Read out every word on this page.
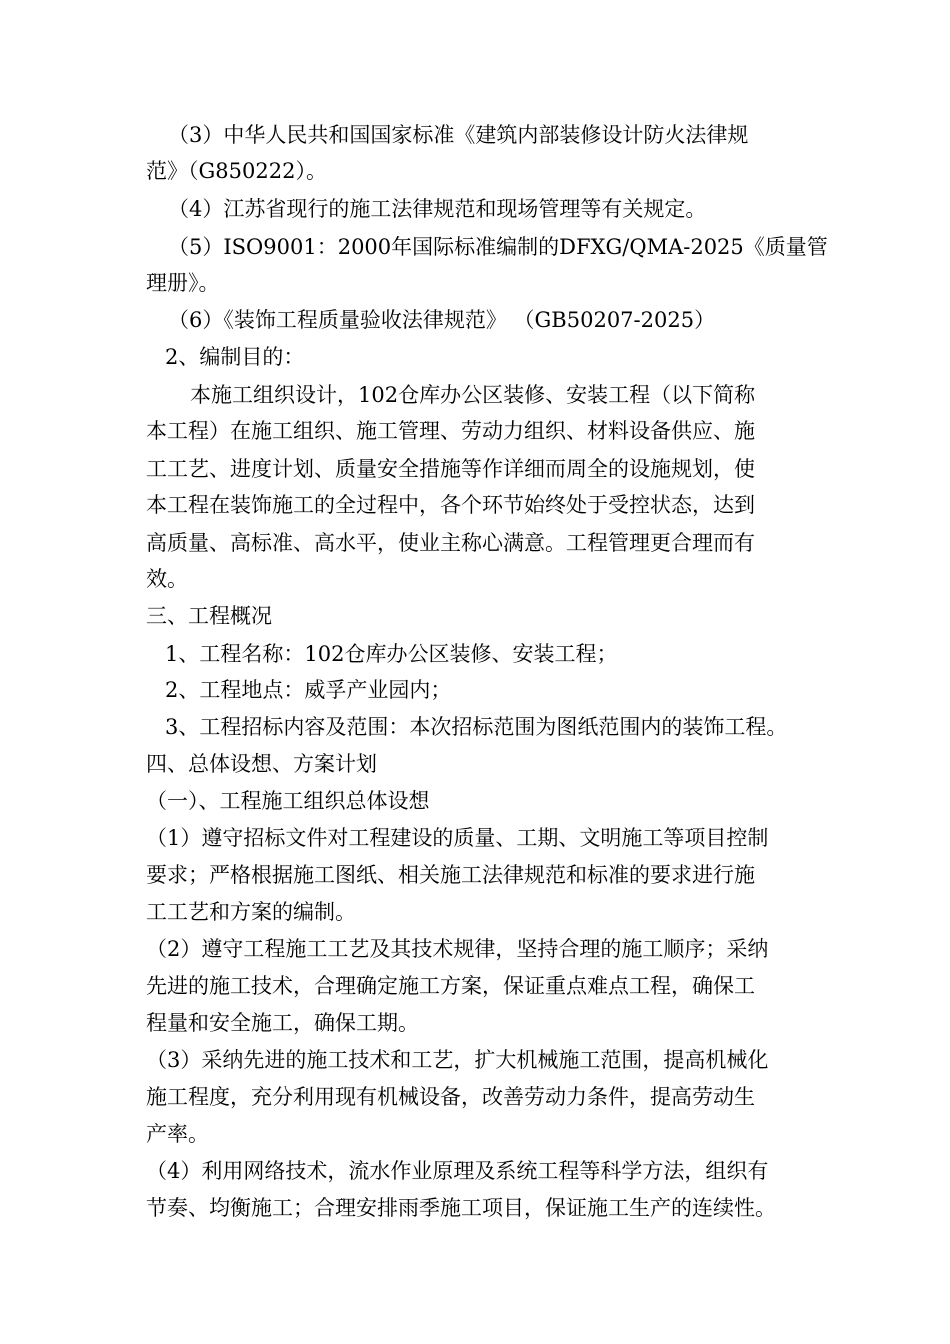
（3）中华人民共和国国家标准《建筑内部装修设计防火法律规
范》（G850222）。
（4）江苏省现行的施工法律规范和现场管理等有关规定。
（5）ISO9001：2000年国际标准编制的DFXG/QMA-2025《质量管
理册》。
（6）《装饰工程质量验收法律规范》 （GB50207-2025）
2、编制目的：
本施工组织设计，102仓库办公区装修、安装工程（以下简称
本工程）在施工组织、施工管理、劳动力组织、材料设备供应、施
工工艺、进度计划、质量安全措施等作详细而周全的设施规划，使
本工程在装饰施工的全过程中，各个环节始终处于受控状态，达到
高质量、高标准、高水平，使业主称心满意。工程管理更合理而有
效。
三、工程概况
1、工程名称：102仓库办公区装修、安装工程；
2、工程地点：威孚产业园内；
3、工程招标内容及范围：本次招标范围为图纸范围内的装饰工程。
四、总体设想、方案计划
（一）、工程施工组织总体设想
（1）遵守招标文件对工程建设的质量、工期、文明施工等项目控制
要求；严格根据施工图纸、相关施工法律规范和标准的要求进行施
工工艺和方案的编制。
（2）遵守工程施工工艺及其技术规律，坚持合理的施工顺序；采纳
先进的施工技术，合理确定施工方案，保证重点难点工程，确保工
程量和安全施工，确保工期。
（3）采纳先进的施工技术和工艺，扩大机械施工范围，提高机械化
施工程度，充分利用现有机械设备，改善劳动力条件，提高劳动生
产率。
（4）利用网络技术，流水作业原理及系统工程等科学方法，组织有
节奏、均衡施工；合理安排雨季施工项目，保证施工生产的连续性。
